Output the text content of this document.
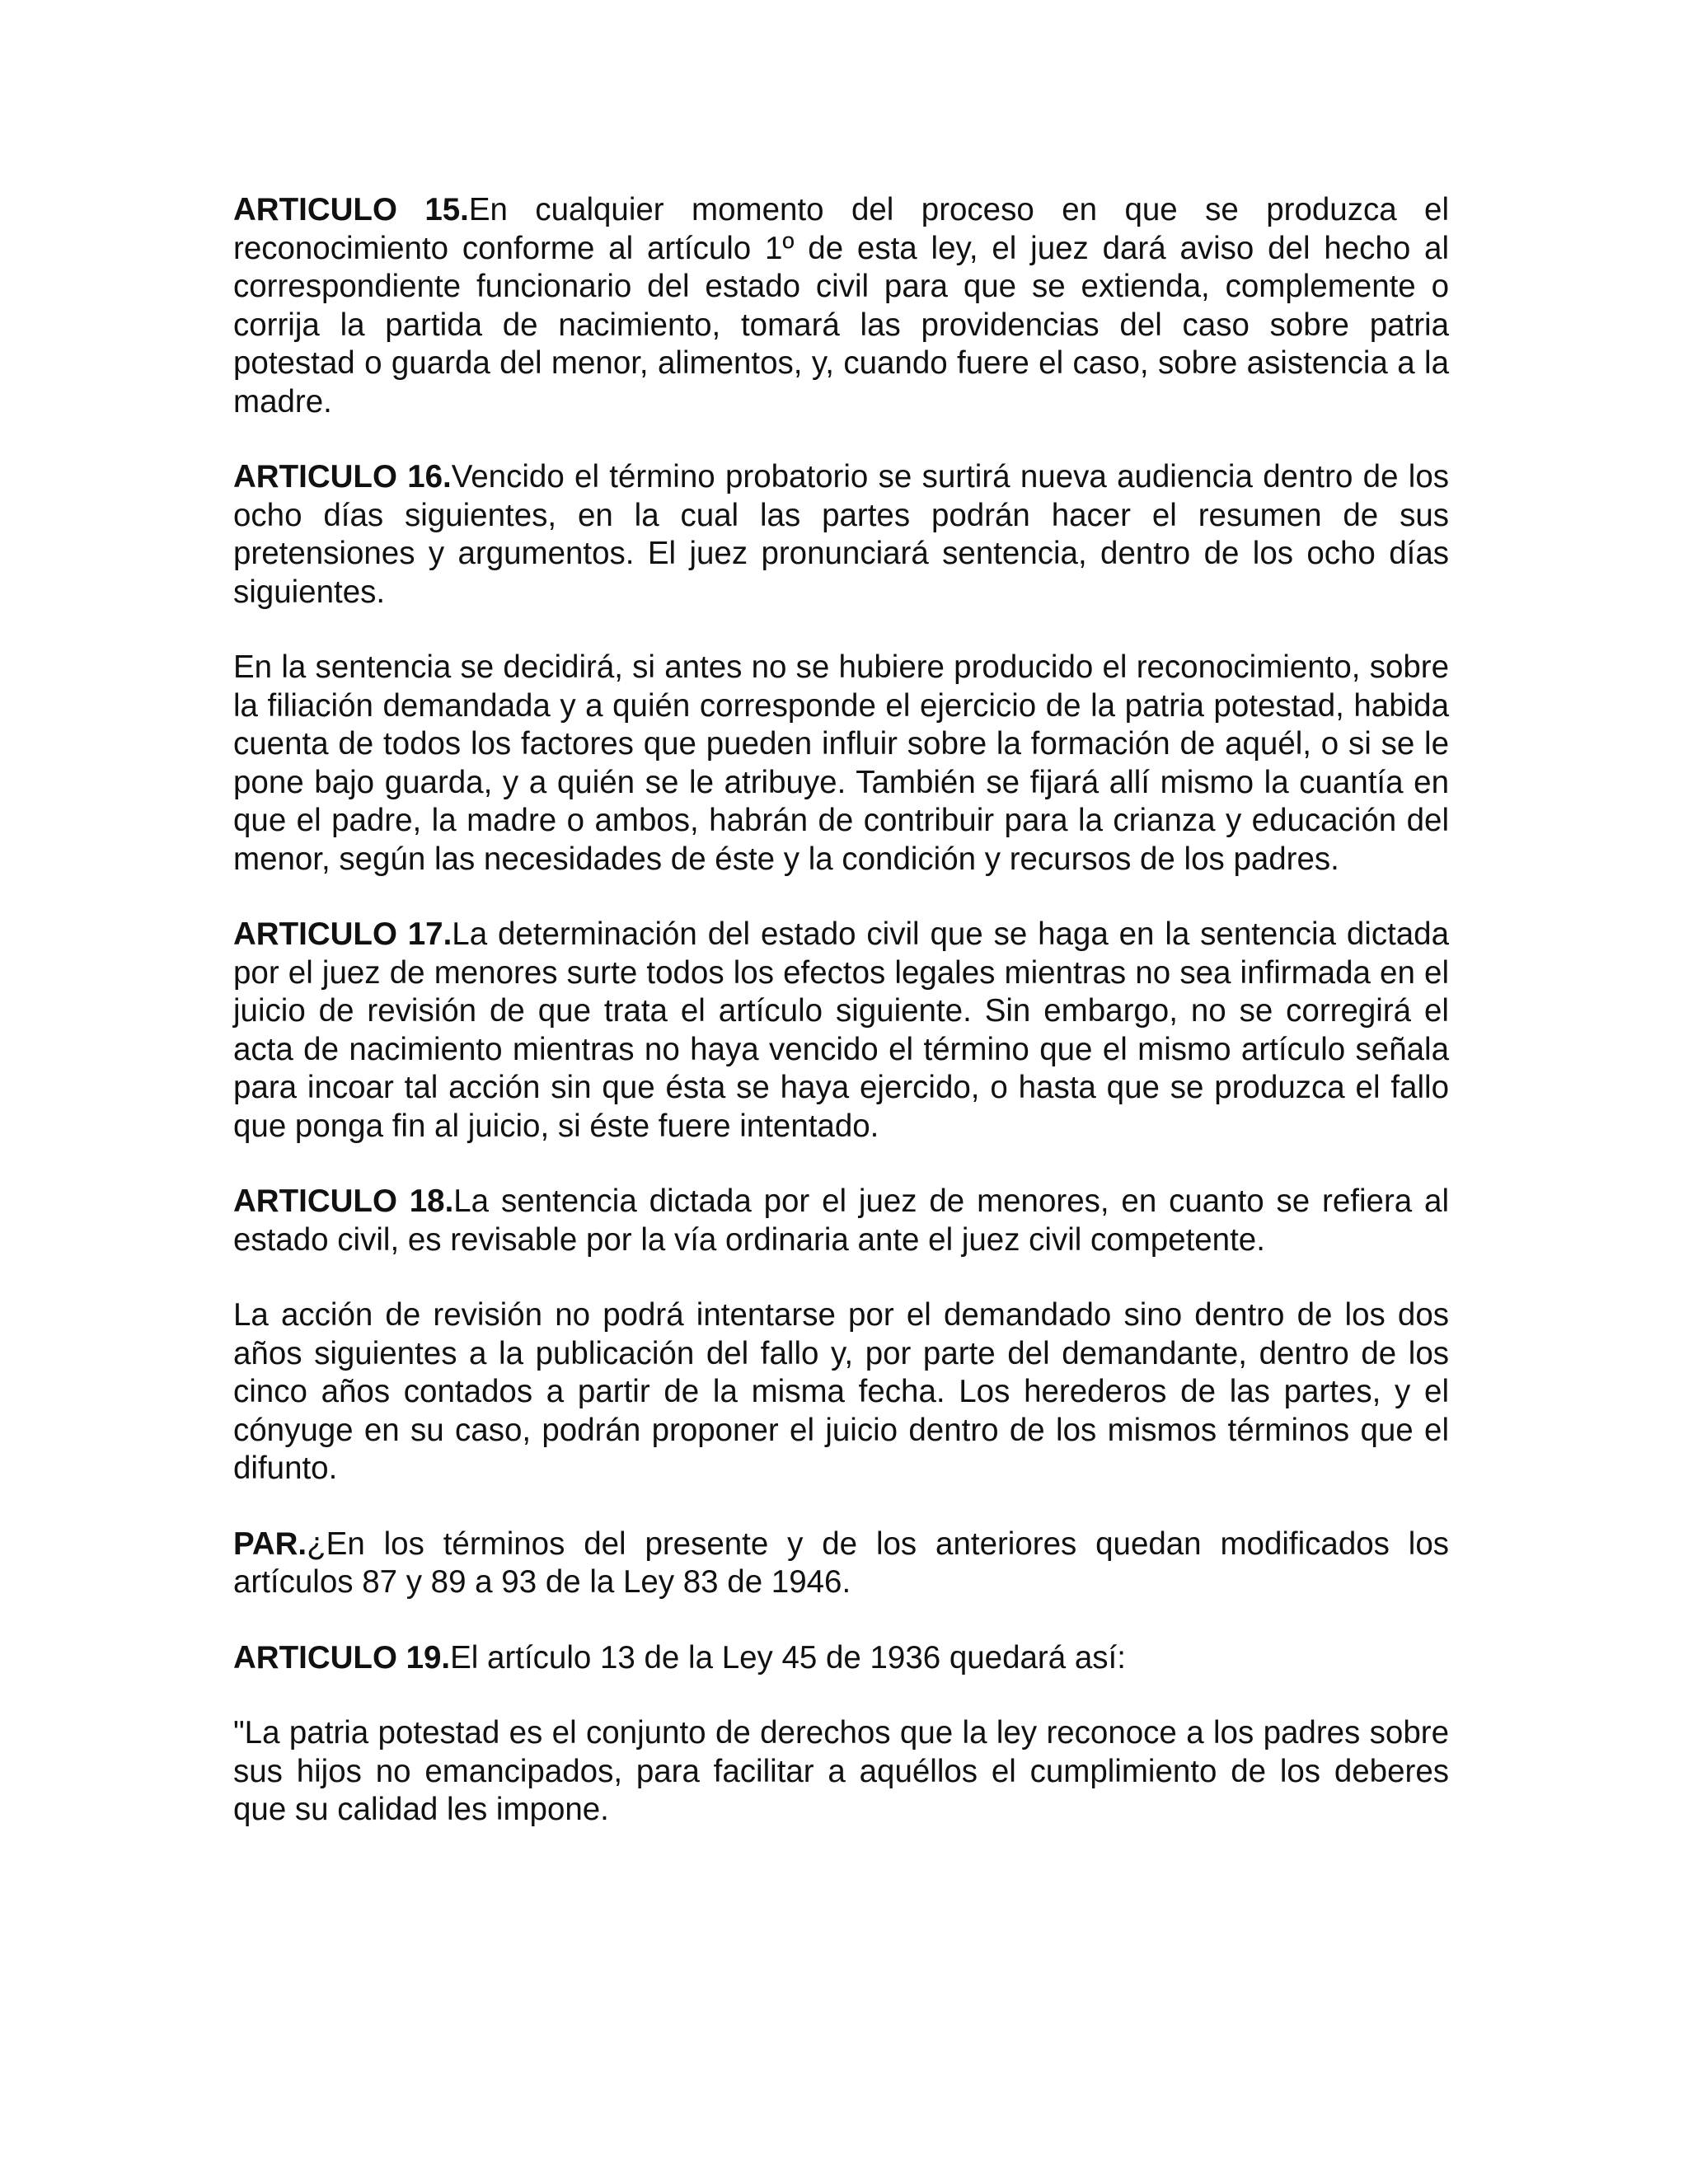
ARTICULO 15.En cualquier momento del proceso en que se produzca el reconocimiento conforme al artículo 1º de esta ley, el juez dará aviso del hecho al correspondiente funcionario del estado civil para que se extienda, complemente o corrija la partida de nacimiento, tomará las providencias del caso sobre patria potestad o guarda del menor, alimentos, y, cuando fuere el caso, sobre asistencia a la madre.

ARTICULO 16.Vencido el término probatorio se surtirá nueva audiencia dentro de los ocho días siguientes, en la cual las partes podrán hacer el resumen de sus pretensiones y argumentos. El juez pronunciará sentencia, dentro de los ocho días siguientes.

En la sentencia se decidirá, si antes no se hubiere producido el reconocimiento, sobre la filiación demandada y a quién corresponde el ejercicio de la patria potestad, habida cuenta de todos los factores que pueden influir sobre la formación de aquél, o si se le pone bajo guarda, y a quién se le atribuye. También se fijará allí mismo la cuantía en que el padre, la madre o ambos, habrán de contribuir para la crianza y educación del menor, según las necesidades de éste y la condición y recursos de los padres.

ARTICULO 17.La determinación del estado civil que se haga en la sentencia dictada por el juez de menores surte todos los efectos legales mientras no sea infirmada en el juicio de revisión de que trata el artículo siguiente. Sin embargo, no se corregirá el acta de nacimiento mientras no haya vencido el término que el mismo artículo señala para incoar tal acción sin que ésta se haya ejercido, o hasta que se produzca el fallo que ponga fin al juicio, si éste fuere intentado.

ARTICULO 18.La sentencia dictada por el juez de menores, en cuanto se refiera al estado civil, es revisable por la vía ordinaria ante el juez civil competente.

La acción de revisión no podrá intentarse por el demandado sino dentro de los dos años siguientes a la publicación del fallo y, por parte del demandante, dentro de los cinco años contados a partir de la misma fecha. Los herederos de las partes, y el cónyuge en su caso, podrán proponer el juicio dentro de los mismos términos que el difunto.

PAR.¿En los términos del presente y de los anteriores quedan modificados los artículos 87 y 89 a 93 de la Ley 83 de 1946.

ARTICULO 19.El artículo 13 de la Ley 45 de 1936 quedará así:

"La patria potestad es el conjunto de derechos que la ley reconoce a los padres sobre sus hijos no emancipados, para facilitar a aquéllos el cumplimiento de los deberes que su calidad les impone.
